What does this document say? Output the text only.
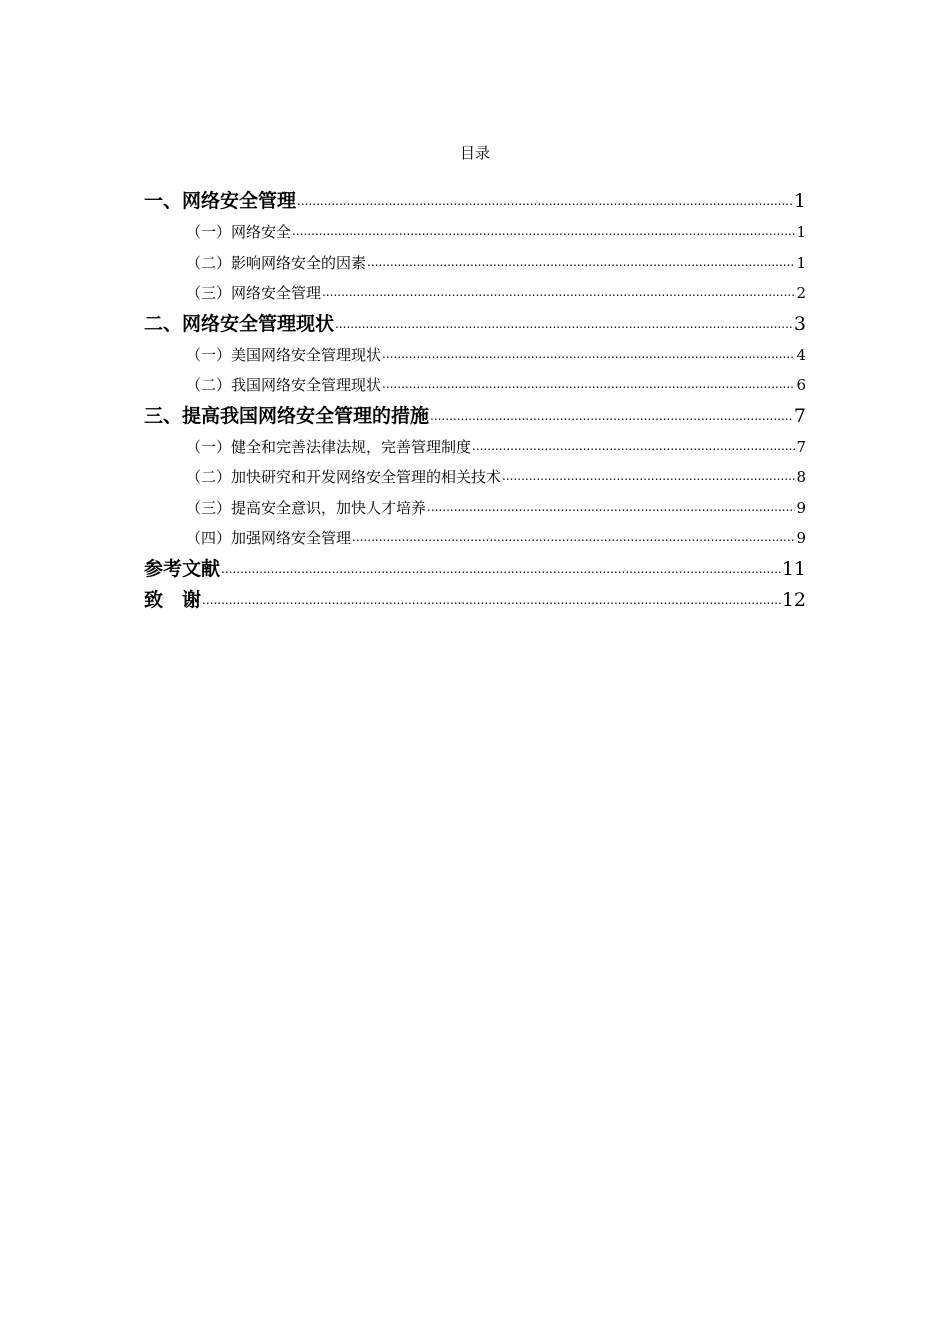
目录
一、网络安全管理 .....	1
（一）网络安全 .....	1
（二）影响网络安全的因素 .....	1
（三）网络安全管理 .....	2
二、网络安全管理现状 .....	3
（一）美国网络安全管理现状 .....	4
（二）我国网络安全管理现状 .....	6
三、提高我国网络安全管理的措施 .....	7
（一）健全和完善法律法规，完善管理制度 .....	7
（二）加快研究和开发网络安全管理的相关技术 .....	8
（三）提高安全意识，加快人才培养 .....	9
（四）加强网络安全管理 .....	9
参考文献 .....	11
致　谢 .....	12
